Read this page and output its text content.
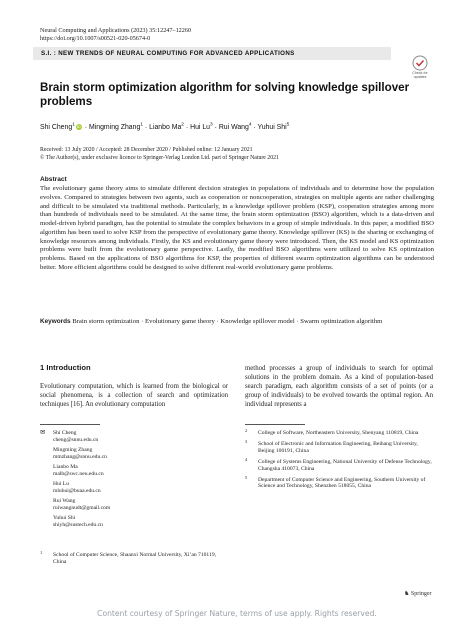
Neural Computing and Applications (2023) 35:12247–12260
https://doi.org/10.1007/s00521-020-05674-0
S.I. : NEW TRENDS OF NEURAL COMPUTING FOR ADVANCED APPLICATIONS
Check for
updates
Brain storm optimization algorithm for solving knowledge spillover problems
Shi Cheng$^1$ iD · Mingming Zhang$^1$ · Lianbo $Ma^2$ · Hui $Lu^3$ · Rui Wang$^4$ · Yuhui Shi$^5$
Received: 13 July 2020 / Accepted: 28 December 2020 / Published online: 12 January 2021
© The Author(s), under exclusive licence to Springer-Verlag London Ltd. part of Springer Nature 2021
Abstract
The evolutionary game theory aims to simulate different decision strategies in populations of individuals and to determine how the population evolves. Compared to strategies between two agents, such as cooperation or noncooperation, strategies on multiple agents are rather challenging and difficult to be simulated via traditional methods. Particularly, in a knowledge spillover problem (KSP), cooperation strategies among more than hundreds of individuals need to be simulated. At the same time, the brain storm optimization (BSO) algorithm, which is a data-driven and model-driven hybrid paradigm, has the potential to simulate the complex behaviors in a group of simple individuals. In this paper, a modified BSO algorithm has been used to solve KSP from the perspective of evolutionary game theory. Knowledge spillover (KS) is the sharing or exchanging of knowledge resources among individuals. Firstly, the KS and evolutionary game theory were introduced. Then, the KS model and KS optimization problems were built from the evolutionary game perspective. Lastly, the modified BSO algorithms were utilized to solve KS optimization problems. Based on the applications of BSO algorithms for KSP, the properties of different swarm optimization algorithms can be understood better. More efficient algorithms could be designed to solve different real-world evolutionary game problems.
Keywords Brain storm optimization · Evolutionary game theory · Knowledge spillover model · Swarm optimization algorithm
1 Introduction
Evolutionary computation, which is learned from the biological or social phenomena, is a collection of search and optimization techniques [16]. An evolutionary computation
method processes a group of individuals to search for optimal solutions in the problem domain. As a kind of population-based search paradigm, each algorithm consists of a set of points (or a group of individuals) to be evolved towards the optimal region. An individual represents a
✉ Shi Cheng
cheng@snnu.edu.cn
Mingming Zhang
mmzhang@snnu.edu.cn
Lianbo Ma
malb@swc.neu.edu.cn
Hui Lu
mluhui@buaa.edu.cn
Rui Wang
ruiwangnudt@gmail.com
Yuhui Shi
shiyh@sustech.edu.cn
1 School of Computer Science, Shaanxi Normal University, Xi’an 710119, China
2 College of Software, Northeastern University, Shenyang 110819, China
3 School of Electronic and Information Engineering, Beihang University, Beijing 100191, China
4 College of Systems Engineering, National University of Defense Technology, Changsha 410073, China
5 Department of Computer Science and Engineering, Southern University of Science and Technology, Shenzhen 518055, China
♞ Springer
Content courtesy of Springer Nature, terms of use apply. Rights reserved.
